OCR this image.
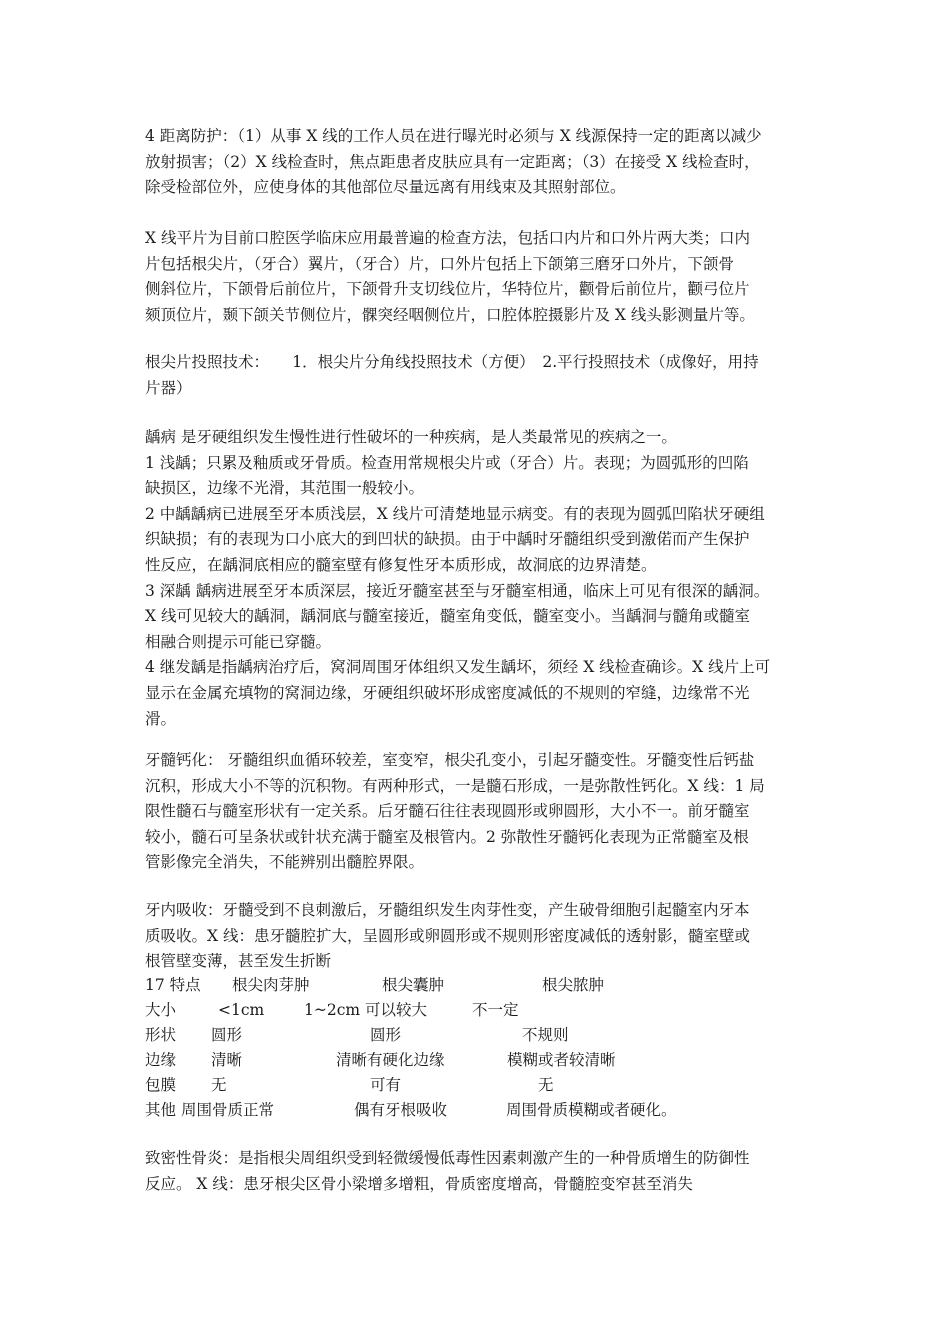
4 距离防护：（1）从事 X 线的工作人员在进行曝光时必须与 X 线源保持一定的距离以减少
放射损害；（2）X 线检查时，焦点距患者皮肤应具有一定距离；（3）在接受 X 线检查时，
除受检部位外，应使身体的其他部位尽量远离有用线束及其照射部位。
X 线平片为目前口腔医学临床应用最普遍的检查方法，包括口内片和口外片两大类；口内
片包括根尖片，（牙合）翼片，（牙合）片，口外片包括上下颌第三磨牙口外片，下颌骨
侧斜位片，下颌骨后前位片，下颌骨升支切线位片，华特位片，颧骨后前位片，颧弓位片
颏顶位片，颞下颌关节侧位片，髁突经咽侧位片，口腔体腔摄影片及 X 线头影测量片等。
根尖片投照技术：　　1．根尖片分角线投照技术（方便）　2.平行投照技术（成像好，用持
片器）
龋病 是牙硬组织发生慢性进行性破坏的一种疾病，是人类最常见的疾病之一。
1 浅龋；只累及釉质或牙骨质。检查用常规根尖片或（牙合）片。表现；为圆弧形的凹陷
缺损区，边缘不光滑，其范围一般较小。
2 中龋龋病已进展至牙本质浅层，X 线片可清楚地显示病变。有的表现为圆弧凹陷状牙硬组
织缺损；有的表现为口小底大的到凹状的缺损。由于中龋时牙髓组织受到激偌而产生保护
性反应，在龋洞底相应的髓室壁有修复性牙本质形成，故洞底的边界清楚。
3 深龋 龋病进展至牙本质深层，接近牙髓室甚至与牙髓室相通，临床上可见有很深的龋洞。
X 线可见较大的龋洞，龋洞底与髓室接近，髓室角变低，髓室变小。当龋洞与髓角或髓室
相融合则提示可能已穿髓。
4 继发龋是指龋病治疗后，窝洞周围牙体组织又发生龋坏，须经 X 线检查确诊。X 线片上可
显示在金属充填物的窝洞边缘，牙硬组织破坏形成密度减低的不规则的窄缝，边缘常不光
滑。
牙髓钙化： 牙髓组织血循环较差，室变窄，根尖孔变小，引起牙髓变性。牙髓变性后钙盐
沉积，形成大小不等的沉积物。有两种形式，一是髓石形成，一是弥散性钙化。X 线：1 局
限性髓石与髓室形状有一定关系。后牙髓石往往表现圆形或卵圆形，大小不一。前牙髓室
较小，髓石可呈条状或针状充满于髓室及根管内。2 弥散性牙髓钙化表现为正常髓室及根
管影像完全消失，不能辨别出髓腔界限。
牙内吸收：牙髓受到不良刺激后，牙髓组织发生肉芽性变，产生破骨细胞引起髓室内牙本
质吸收。X 线：患牙髓腔扩大，呈圆形或卵圆形或不规则形密度减低的透射影，髓室壁或
根管壁变薄，甚至发生折断
17 特点 根尖肉芽肿	根尖囊肿	根尖脓肿
大小	<1cm	1~2cm 可以较大	不一定
形状 圆形	圆形	不规则
边缘 清晰	清晰有硬化边缘	模糊或者较清晰
包膜 无	可有	无
其他 周围骨质正常	偶有牙根吸收	周围骨质模糊或者硬化。
致密性骨炎：是指根尖周组织受到轻微缓慢低毒性因素刺激产生的一种骨质增生的防御性
反应。 X 线：患牙根尖区骨小梁增多增粗，骨质密度增高，骨髓腔变窄甚至消失
